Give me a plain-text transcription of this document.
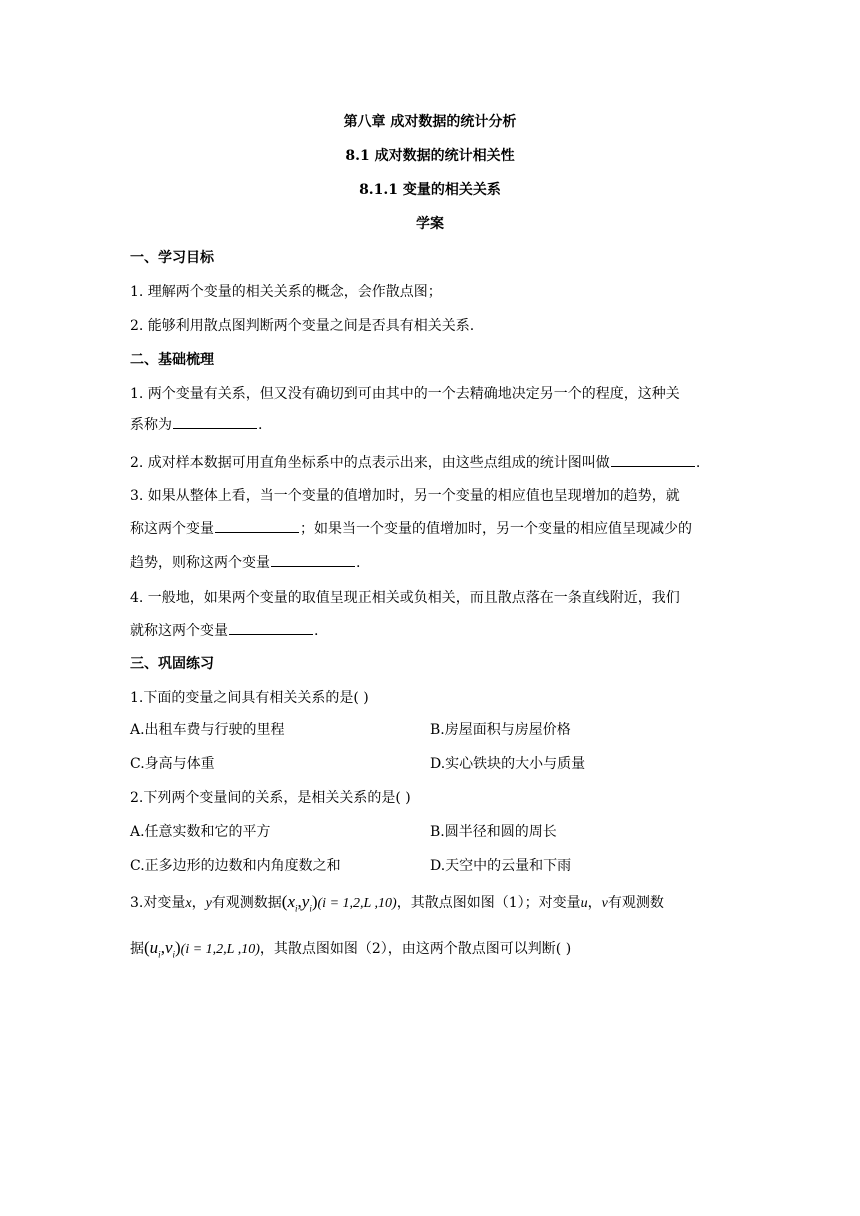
第八章 成对数据的统计分析
8.1 成对数据的统计相关性
8.1.1 变量的相关关系
学案
一、学习目标
1. 理解两个变量的相关关系的概念，会作散点图；
2. 能够利用散点图判断两个变量之间是否具有相关关系.
二、基础梳理
1. 两个变量有关系，但又没有确切到可由其中的一个去精确地决定另一个的程度，这种关
系称为	.
2. 成对样本数据可用直角坐标系中的点表示出来，由这些点组成的统计图叫做	.
3. 如果从整体上看，当一个变量的值增加时，另一个变量的相应值也呈现增加的趋势，就
称这两个变量	；如果当一个变量的值增加时，另一个变量的相应值呈现减少的
趋势，则称这两个变量	.
4. 一般地，如果两个变量的取值呈现正相关或负相关，而且散点落在一条直线附近，我们
就称这两个变量	.
三、巩固练习
1.下面的变量之间具有相关关系的是( )
A.出租车费与行驶的里程	B.房屋面积与房屋价格
C.身高与体重	D.实心铁块的大小与质量
2.下列两个变量间的关系，是相关关系的是( )
A.任意实数和它的平方	B.圆半径和圆的周长
C.正多边形的边数和内角度数之和	D.天空中的云量和下雨
3.对变量x，y有观测数据$(x_i,y_i)(i = 1,2,L$ ,10)，其散点图如图（1）；对变量u，v有观测数
据$(u_i,v_i)(i = 1,2,L$ ,10)，其散点图如图（2），由这两个散点图可以判断( )
